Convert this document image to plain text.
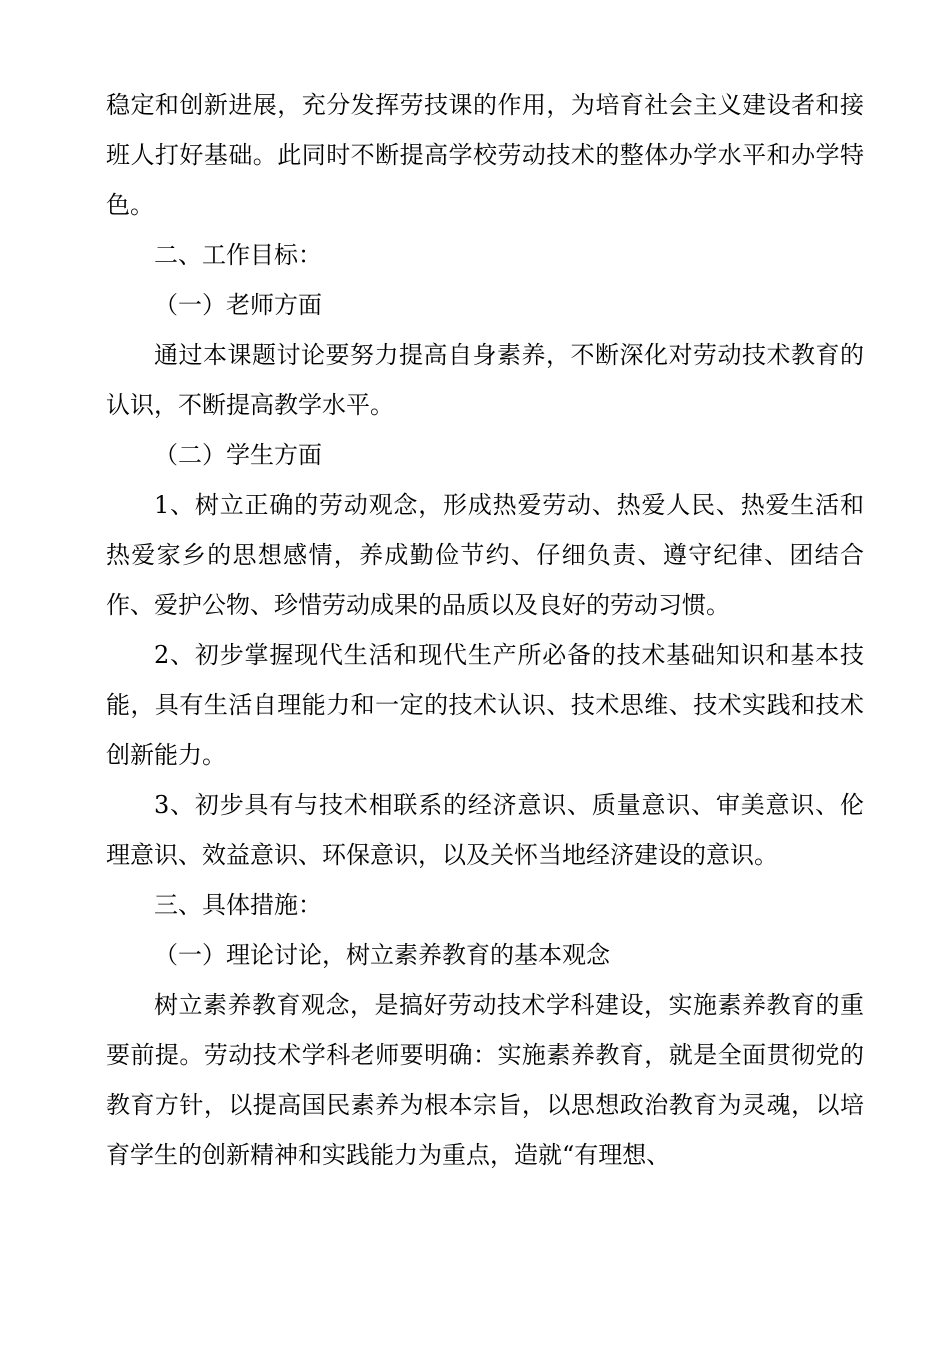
稳定和创新进展，充分发挥劳技课的作用，为培育社会主义建设者和接班人打好基础。此同时不断提高学校劳动技术的整体办学水平和办学特色。

二、工作目标：

（一）老师方面

通过本课题讨论要努力提高自身素养，不断深化对劳动技术教育的认识，不断提高教学水平。

（二）学生方面

1、树立正确的劳动观念，形成热爱劳动、热爱人民、热爱生活和热爱家乡的思想感情，养成勤俭节约、仔细负责、遵守纪律、团结合作、爱护公物、珍惜劳动成果的品质以及良好的劳动习惯。

2、初步掌握现代生活和现代生产所必备的技术基础知识和基本技能，具有生活自理能力和一定的技术认识、技术思维、技术实践和技术创新能力。

3、初步具有与技术相联系的经济意识、质量意识、审美意识、伦理意识、效益意识、环保意识，以及关怀当地经济建设的意识。

三、具体措施：

（一）理论讨论，树立素养教育的基本观念

树立素养教育观念，是搞好劳动技术学科建设，实施素养教育的重要前提。劳动技术学科老师要明确：实施素养教育，就是全面贯彻党的教育方针，以提高国民素养为根本宗旨，以思想政治教育为灵魂，以培育学生的创新精神和实践能力为重点，造就“有理想、
